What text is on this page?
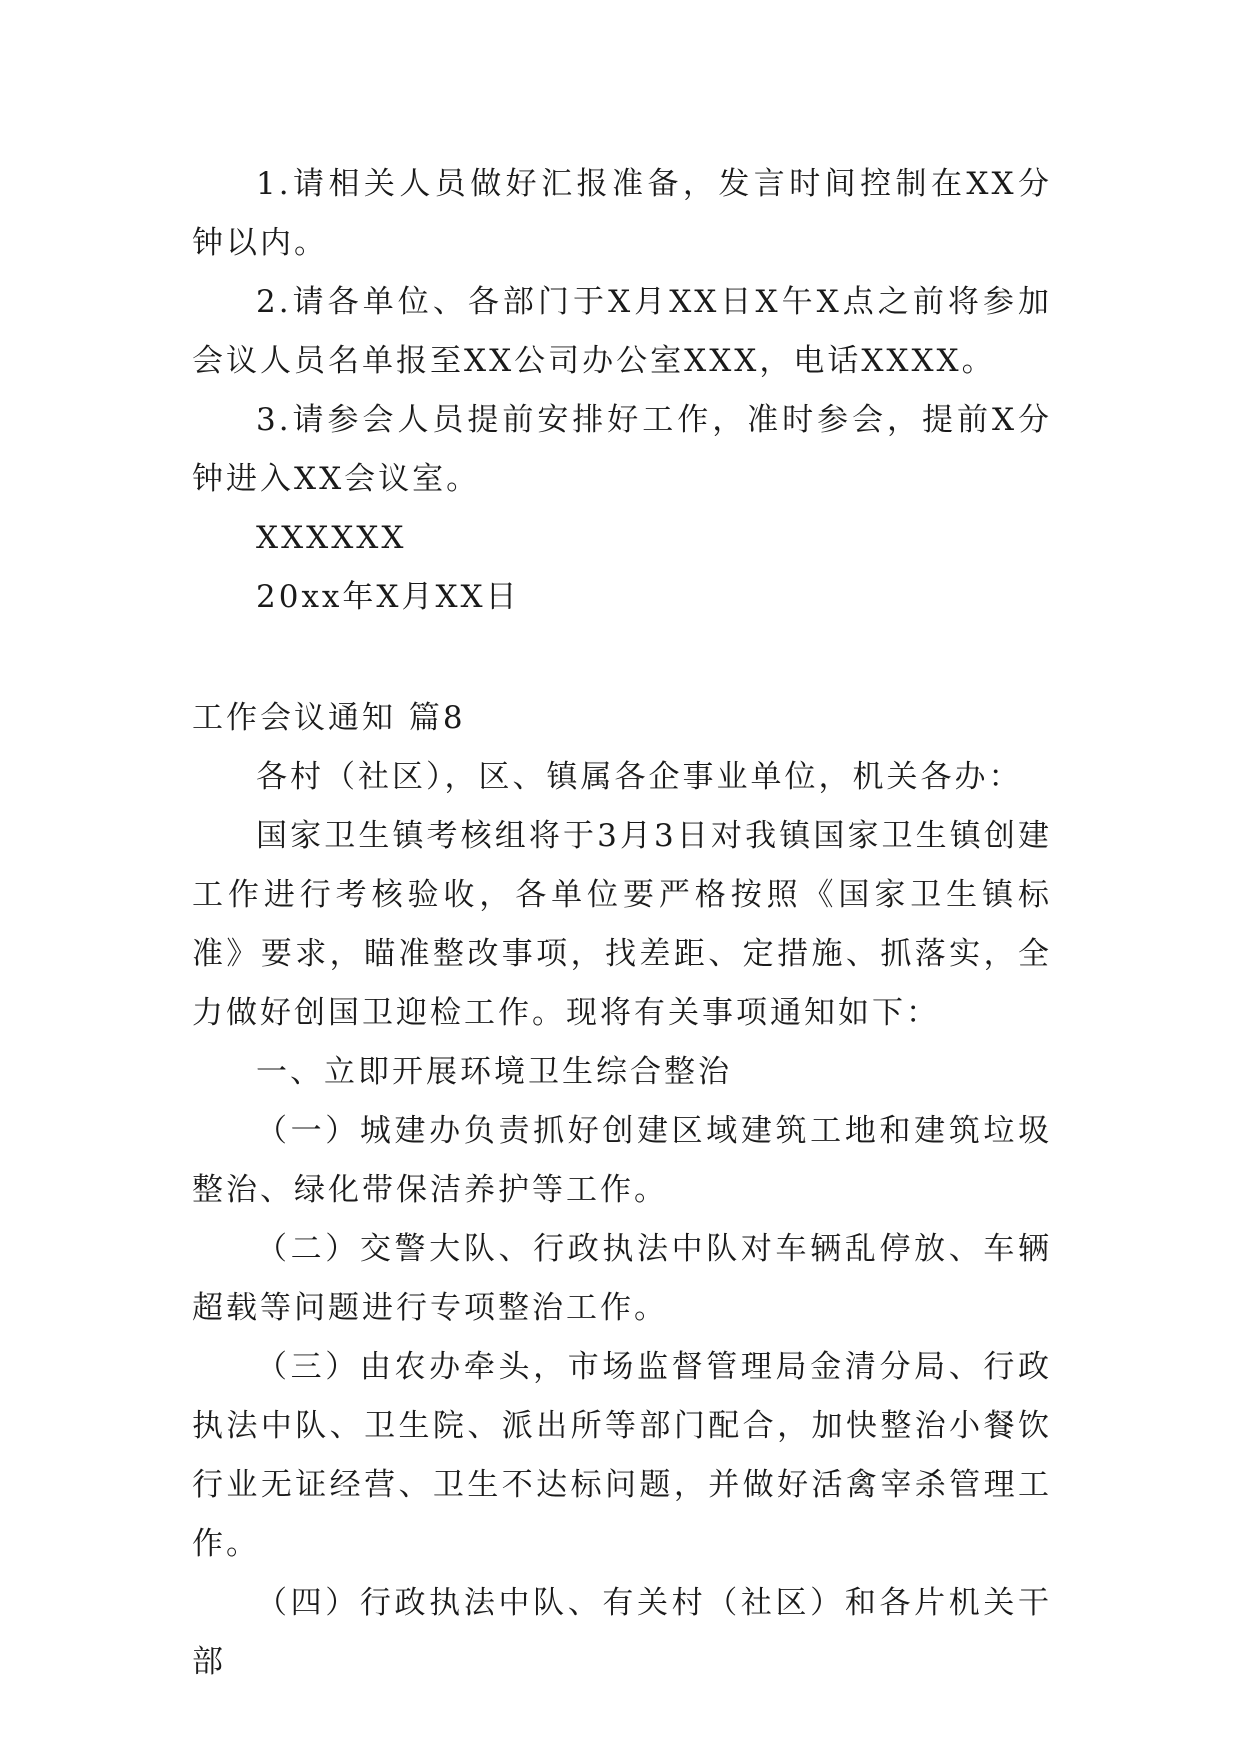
1.请相关人员做好汇报准备，发言时间控制在XX分钟以内。

2.请各单位、各部门于X月XX日X午X点之前将参加会议人员名单报至XX公司办公室XXX，电话XXXX。

3.请参会人员提前安排好工作，准时参会，提前X分钟进入XX会议室。

XXXXXX

20xx年X月XX日

工作会议通知 篇8

各村（社区），区、镇属各企事业单位，机关各办：

国家卫生镇考核组将于3月3日对我镇国家卫生镇创建工作进行考核验收，各单位要严格按照《国家卫生镇标准》要求，瞄准整改事项，找差距、定措施、抓落实，全力做好创国卫迎检工作。现将有关事项通知如下：

一、立即开展环境卫生综合整治

（一）城建办负责抓好创建区域建筑工地和建筑垃圾整治、绿化带保洁养护等工作。

（二）交警大队、行政执法中队对车辆乱停放、车辆超载等问题进行专项整治工作。

（三）由农办牵头，市场监督管理局金清分局、行政执法中队、卫生院、派出所等部门配合，加快整治小餐饮行业无证经营、卫生不达标问题，并做好活禽宰杀管理工作。

（四）行政执法中队、有关村（社区）和各片机关干部
